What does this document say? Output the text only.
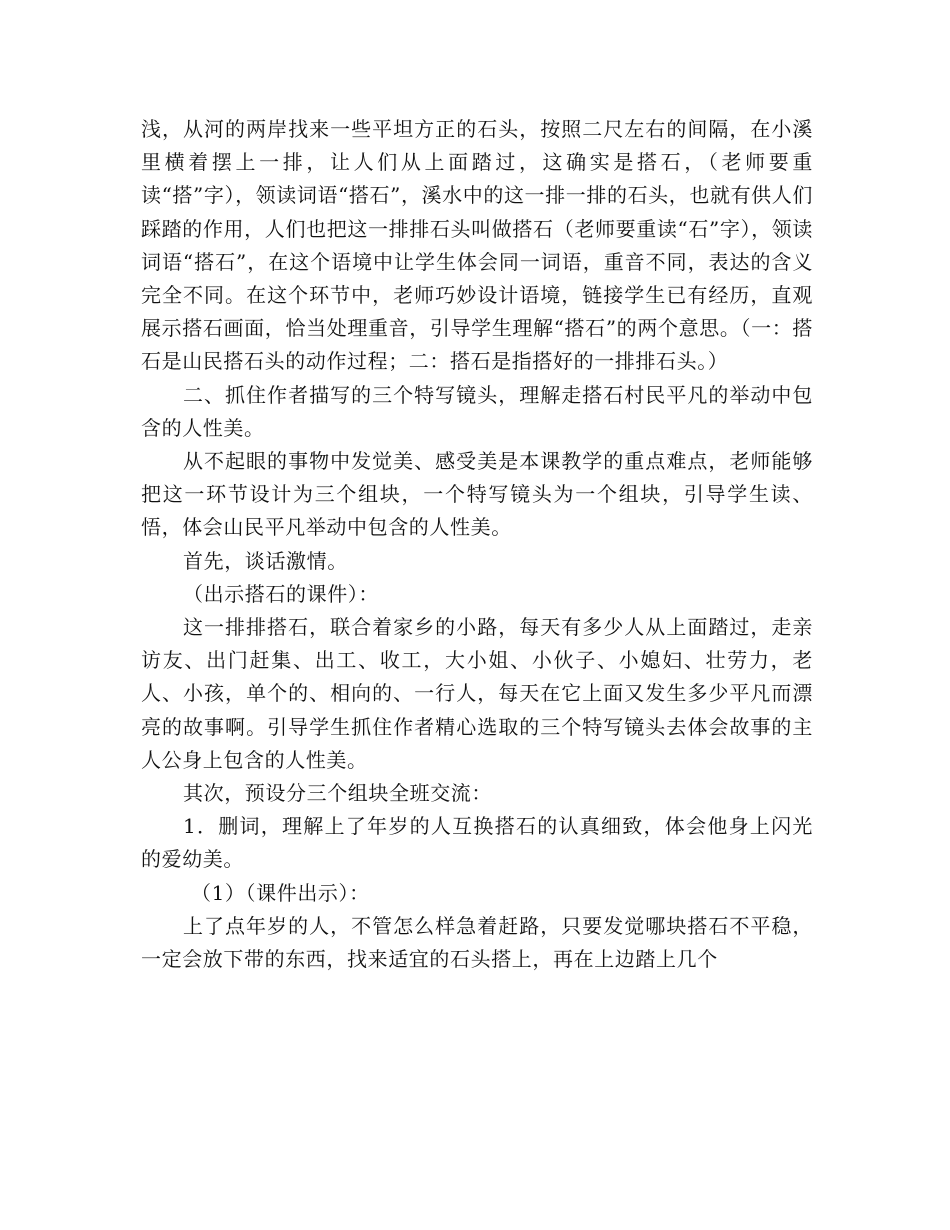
浅，从河的两岸找来一些平坦方正的石头，按照二尺左右的间隔，在小溪里横着摆上一排，让人们从上面踏过，这确实是搭石，（老师要重读“搭”字），领读词语“搭石”，溪水中的这一排一排的石头，也就有供人们踩踏的作用，人们也把这一排排石头叫做搭石（老师要重读“石”字），领读词语“搭石”，在这个语境中让学生体会同一词语，重音不同，表达的含义完全不同。在这个环节中，老师巧妙设计语境，链接学生已有经历，直观展示搭石画面，恰当处理重音，引导学生理解“搭石”的两个意思。（一：搭石是山民搭石头的动作过程；二：搭石是指搭好的一排排石头。）

二、抓住作者描写的三个特写镜头，理解走搭石村民平凡的举动中包含的人性美。

从不起眼的事物中发觉美、感受美是本课教学的重点难点，老师能够把这一环节设计为三个组块，一个特写镜头为一个组块，引导学生读、悟，体会山民平凡举动中包含的人性美。

首先，谈话激情。

（出示搭石的课件）：

这一排排搭石，联合着家乡的小路，每天有多少人从上面踏过，走亲访友、出门赶集、出工、收工，大小姐、小伙子、小媳妇、壮劳力，老人、小孩，单个的、相向的、一行人，每天在它上面又发生多少平凡而漂亮的故事啊。引导学生抓住作者精心选取的三个特写镜头去体会故事的主人公身上包含的人性美。

其次，预设分三个组块全班交流：

1．删词，理解上了年岁的人互换搭石的认真细致，体会他身上闪光的爱幼美。

（1）（课件出示）：

上了点年岁的人，不管怎么样急着赶路，只要发觉哪块搭石不平稳，一定会放下带的东西，找来适宜的石头搭上，再在上边踏上几个
